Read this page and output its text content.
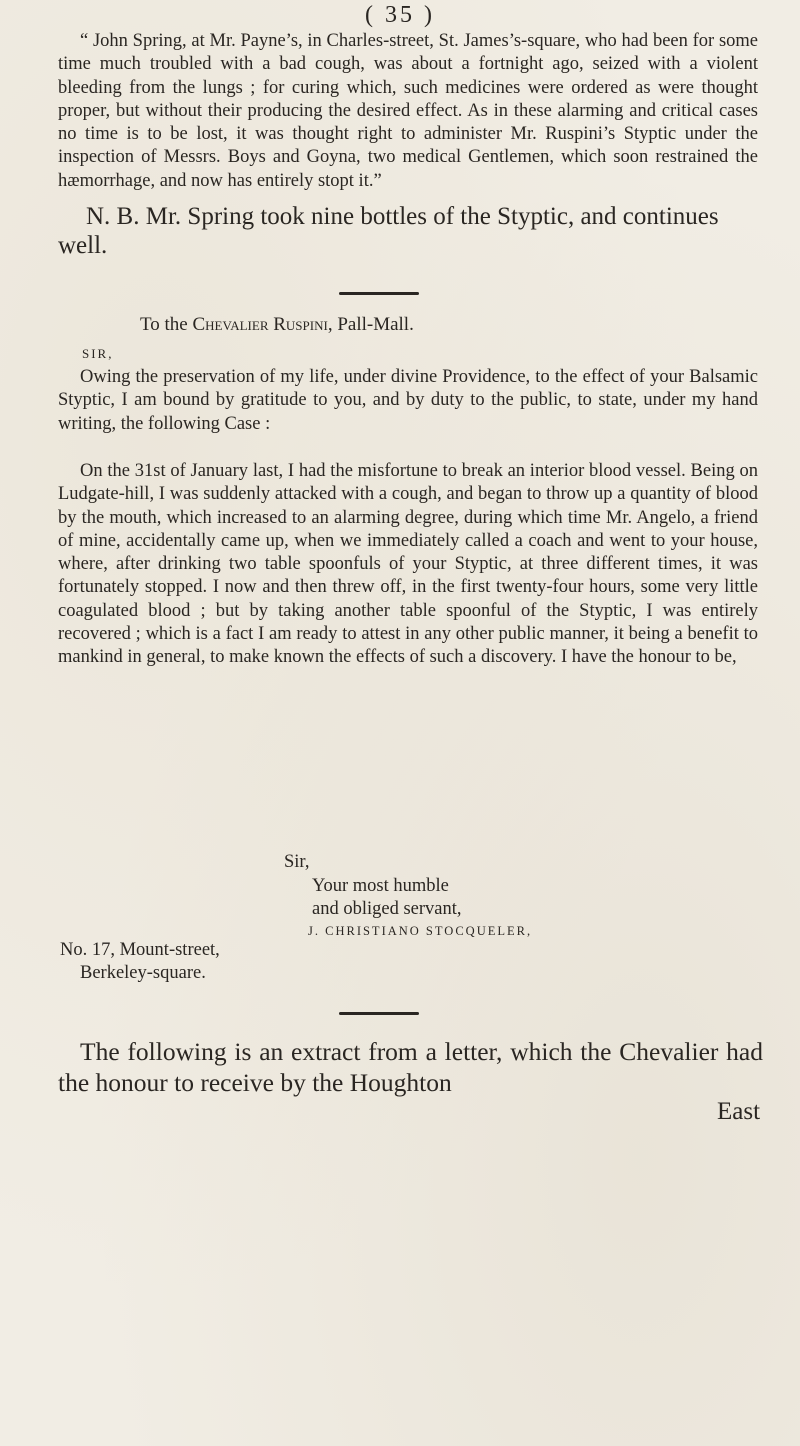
( 35 )
“ John Spring, at Mr. Payne’s, in Charles-street, St. James’s-square, who had been for some time much troubled with a bad cough, was about a fortnight ago, seized with a violent bleeding from the lungs ; for curing which, such medicines were ordered as were thought proper, but without their producing the desired effect. As in these alarming and critical cases no time is to be lost, it was thought right to administer Mr. Ruspini’s Styptic under the inspection of Messrs. Boys and Goyna, two medical Gentlemen, which soon restrained the hæmorrhage, and now has entirely stopt it.”
N. B. Mr. Spring took nine bottles of the Styptic, and continues well.
To the Chevalier Ruspini, Pall-Mall.
SIR,
Owing the preservation of my life, under divine Providence, to the effect of your Balsamic Styptic, I am bound by gratitude to you, and by duty to the public, to state, under my hand writing, the following Case :
On the 31st of January last, I had the misfortune to break an interior blood vessel. Being on Ludgate-hill, I was suddenly attacked with a cough, and began to throw up a quantity of blood by the mouth, which increased to an alarming degree, during which time Mr. Angelo, a friend of mine, accidentally came up, when we immediately called a coach and went to your house, where, after drinking two table spoonfuls of your Styptic, at three different times, it was fortunately stopped. I now and then threw off, in the first twenty-four hours, some very little coagulated blood ; but by taking another table spoonful of the Styptic, I was entirely recovered ; which is a fact I am ready to attest in any other public manner, it being a benefit to mankind in general, to make known the effects of such a discovery. I have the honour to be,
Sir,
Your most humble
and obliged servant,
J. CHRISTIANO STOCQUELER,
No. 17, Mount-street,
Berkeley-square.
The following is an extract from a letter, which the Chevalier had the honour to receive by the Houghton
East
